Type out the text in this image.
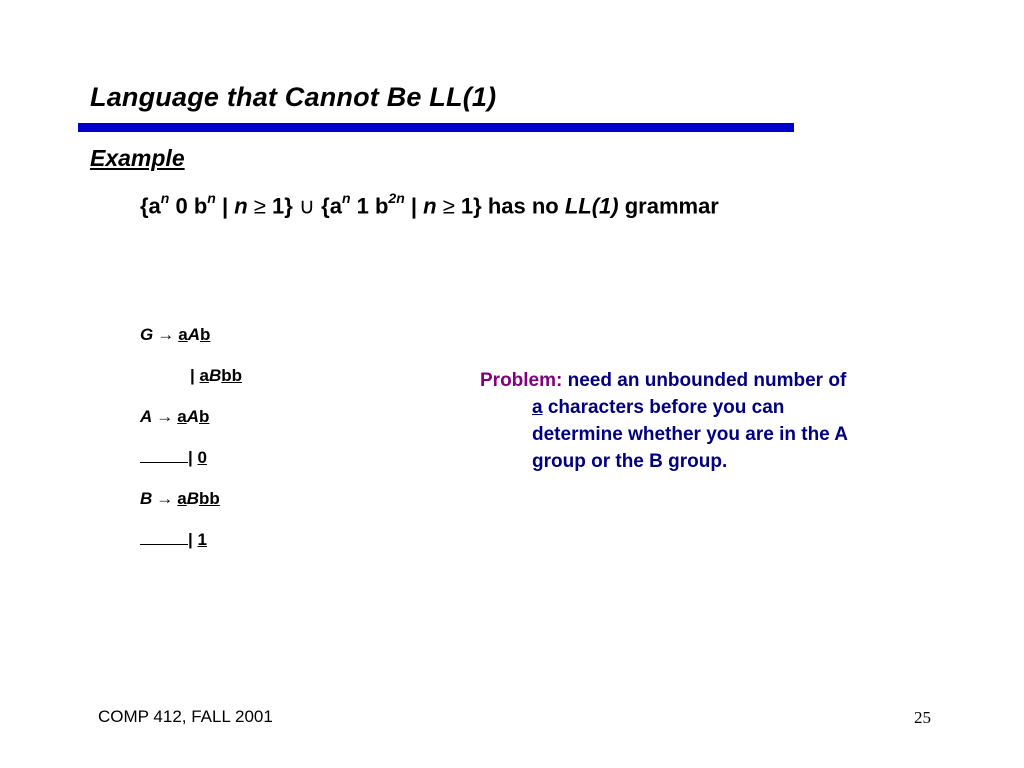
Language that Cannot Be LL(1)
Example
{$a^n$ 0 $b^n$ | n ≥ 1} ∪ {$a^n$ 1 $b^{2n}$ | n ≥ 1} has no LL(1) grammar
G → aAb
| aBbb
A → aAb
| 0
B → aBbb
| 1
Problem: need an unbounded number of
a characters before you can
determine whether you are in the A
group or the B group.
COMP 412, FALL 2001	25
